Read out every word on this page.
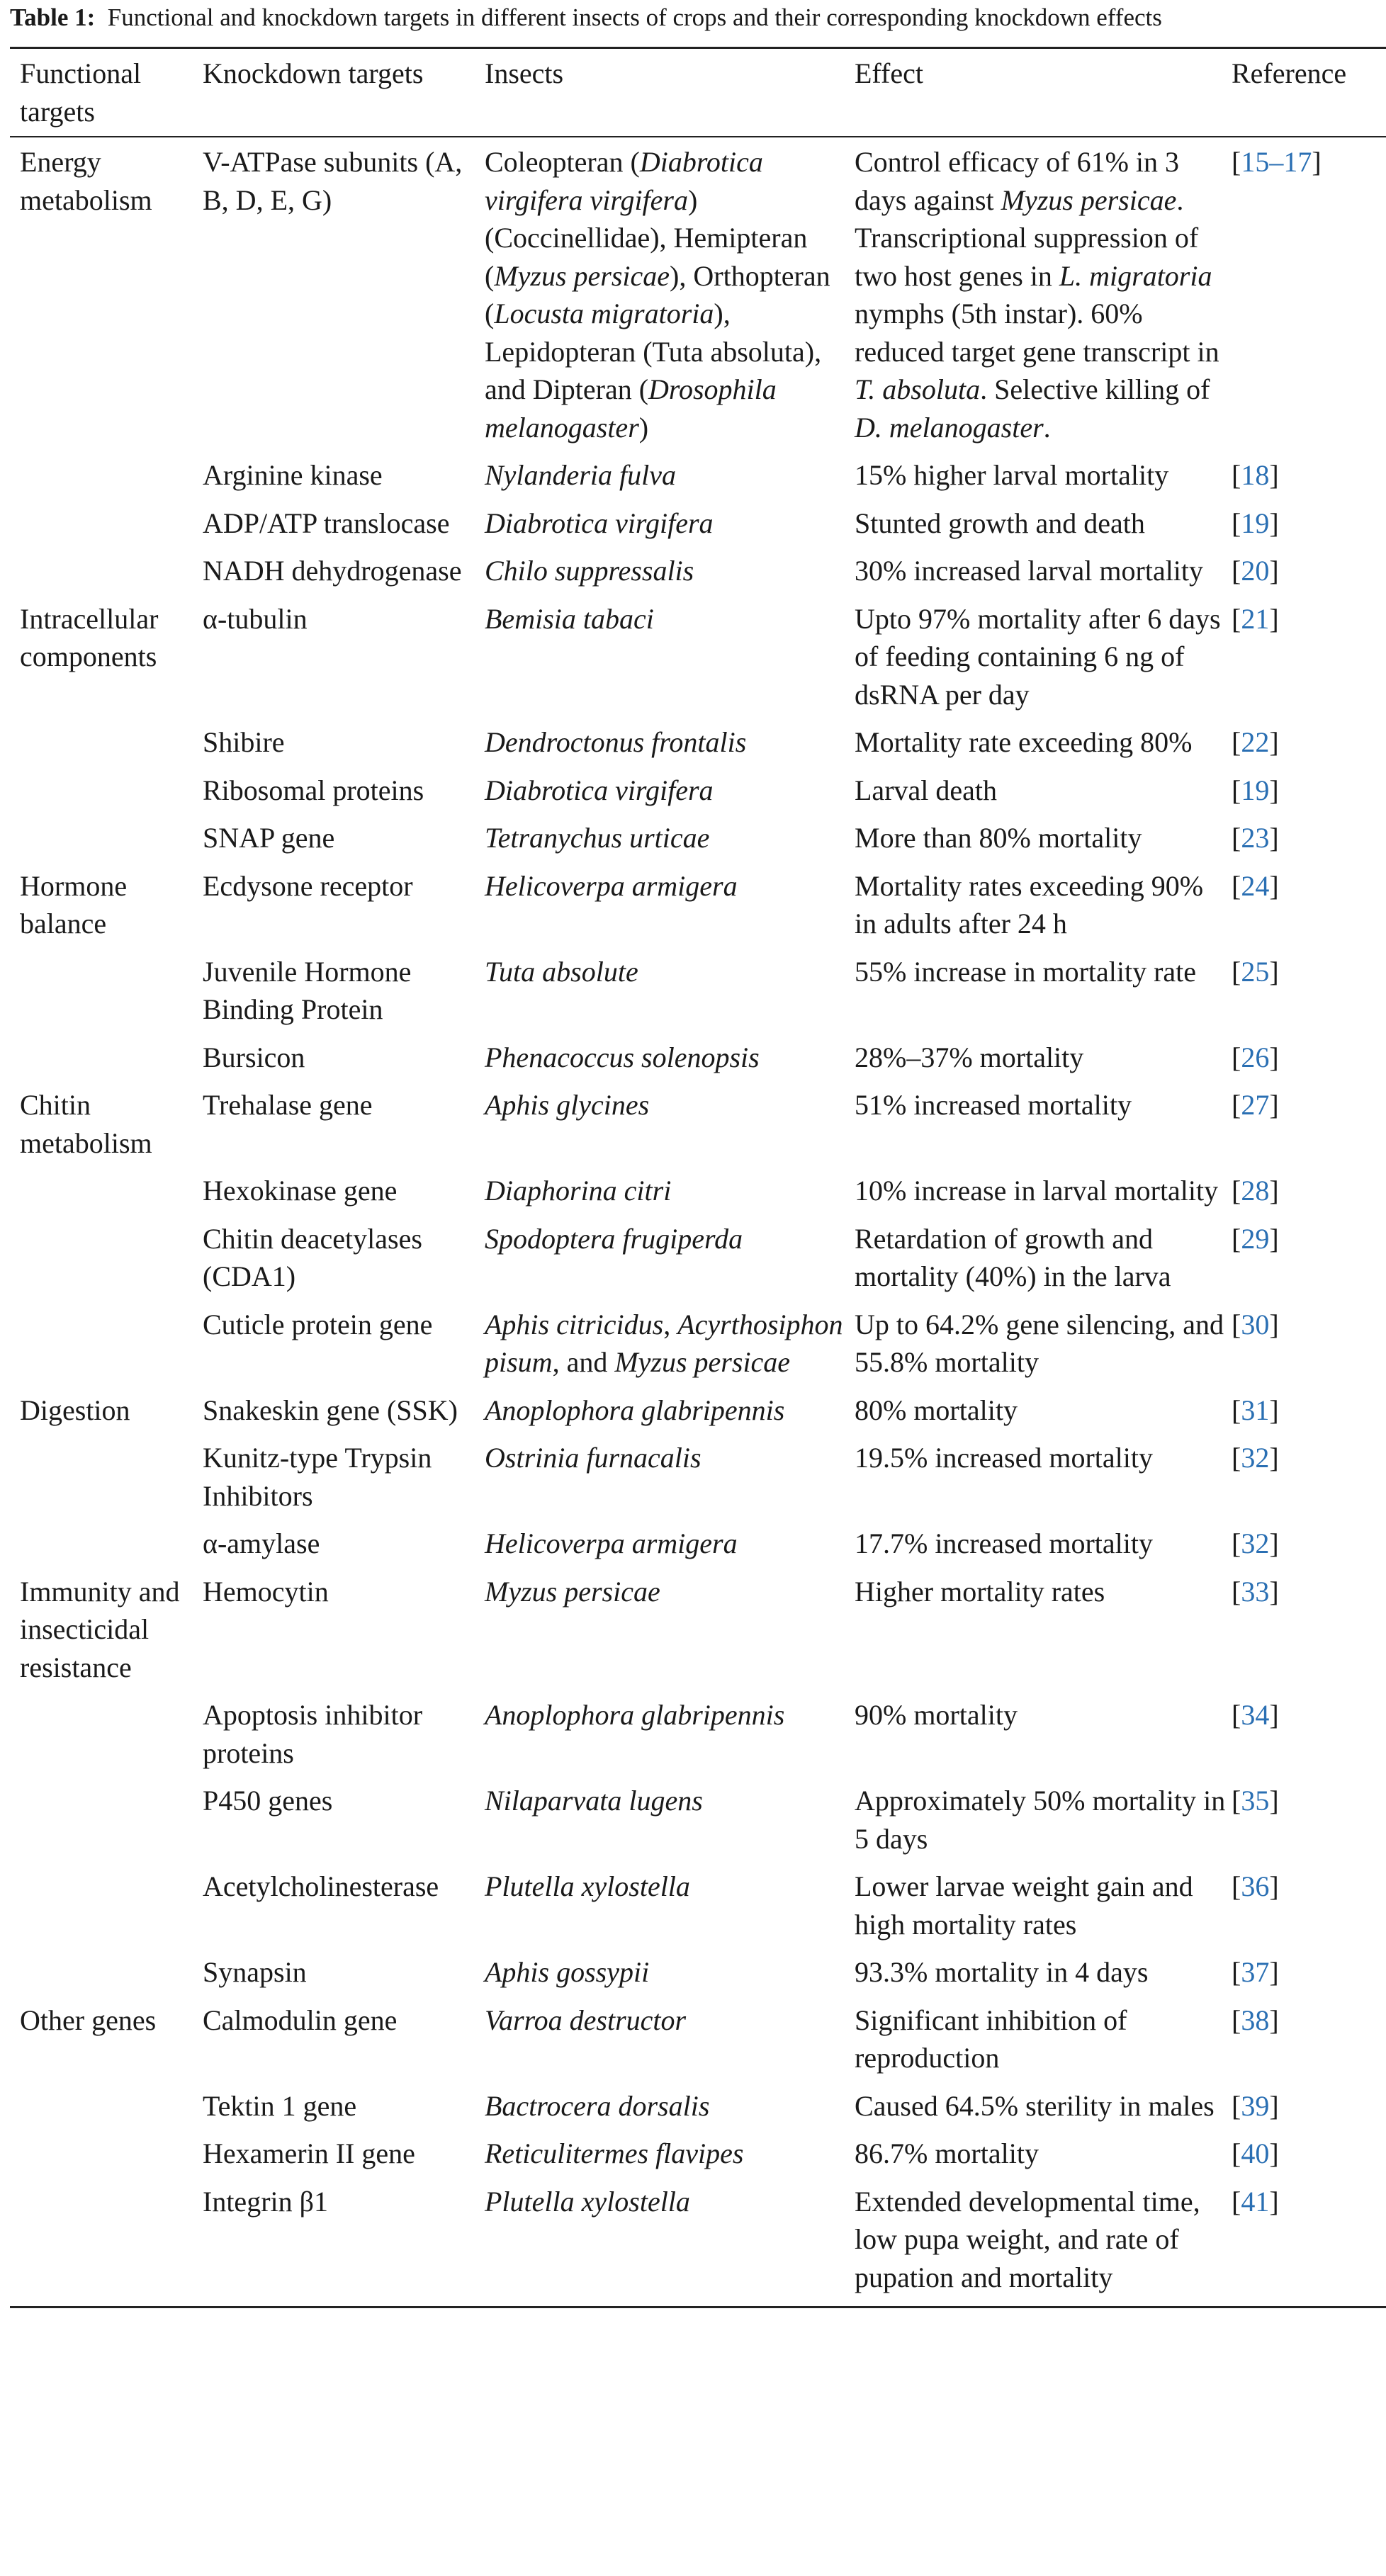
Table 1: Functional and knockdown targets in different insects of crops and their corresponding knockdown effects
Functional targets	Knockdown targets	Insects	Effect	Reference
Energy metabolism	V-ATPase subunits (A, B, D, E, G)	Coleopteran (Diabrotica virgifera virgifera) (Coccinellidae), Hemipteran (Myzus persicae), Orthopteran (Locusta migratoria), Lepidopteran (Tuta absoluta), and Dipteran (Drosophila melanogaster)	Control efficacy of 61% in 3 days against Myzus persicae. Transcriptional suppression of two host genes in L. migratoria nymphs (5th instar). 60% reduced target gene transcript in T. absoluta. Selective killing of D. melanogaster.	[15–17]
	Arginine kinase	Nylanderia fulva	15% higher larval mortality	[18]
	ADP/ATP translocase	Diabrotica virgifera	Stunted growth and death	[19]
	NADH dehydrogenase	Chilo suppressalis	30% increased larval mortality	[20]
Intracellular components	α-tubulin	Bemisia tabaci	Upto 97% mortality after 6 days of feeding containing 6 ng of dsRNA per day	[21]
	Shibire	Dendroctonus frontalis	Mortality rate exceeding 80%	[22]
	Ribosomal proteins	Diabrotica virgifera	Larval death	[19]
	SNAP gene	Tetranychus urticae	More than 80% mortality	[23]
Hormone balance	Ecdysone receptor	Helicoverpa armigera	Mortality rates exceeding 90% in adults after 24 h	[24]
	Juvenile Hormone Binding Protein	Tuta absolute	55% increase in mortality rate	[25]
	Bursicon	Phenacoccus solenopsis	28%–37% mortality	[26]
Chitin metabolism	Trehalase gene	Aphis glycines	51% increased mortality	[27]
	Hexokinase gene	Diaphorina citri	10% increase in larval mortality	[28]
	Chitin deacetylases (CDA1)	Spodoptera frugiperda	Retardation of growth and mortality (40%) in the larva	[29]
	Cuticle protein gene	Aphis citricidus, Acyrthosiphon pisum, and Myzus persicae	Up to 64.2% gene silencing, and 55.8% mortality	[30]
Digestion	Snakeskin gene (SSK)	Anoplophora glabripennis	80% mortality	[31]
	Kunitz-type Trypsin Inhibitors	Ostrinia furnacalis	19.5% increased mortality	[32]
	α-amylase	Helicoverpa armigera	17.7% increased mortality	[32]
Immunity and insecticidal resistance	Hemocytin	Myzus persicae	Higher mortality rates	[33]
	Apoptosis inhibitor proteins	Anoplophora glabripennis	90% mortality	[34]
	P450 genes	Nilaparvata lugens	Approximately 50% mortality in 5 days	[35]
	Acetylcholinesterase	Plutella xylostella	Lower larvae weight gain and high mortality rates	[36]
	Synapsin	Aphis gossypii	93.3% mortality in 4 days	[37]
Other genes	Calmodulin gene	Varroa destructor	Significant inhibition of reproduction	[38]
	Tektin 1 gene	Bactrocera dorsalis	Caused 64.5% sterility in males	[39]
	Hexamerin II gene	Reticulitermes flavipes	86.7% mortality	[40]
	Integrin β1	Plutella xylostella	Extended developmental time, low pupa weight, and rate of pupation and mortality	[41]
